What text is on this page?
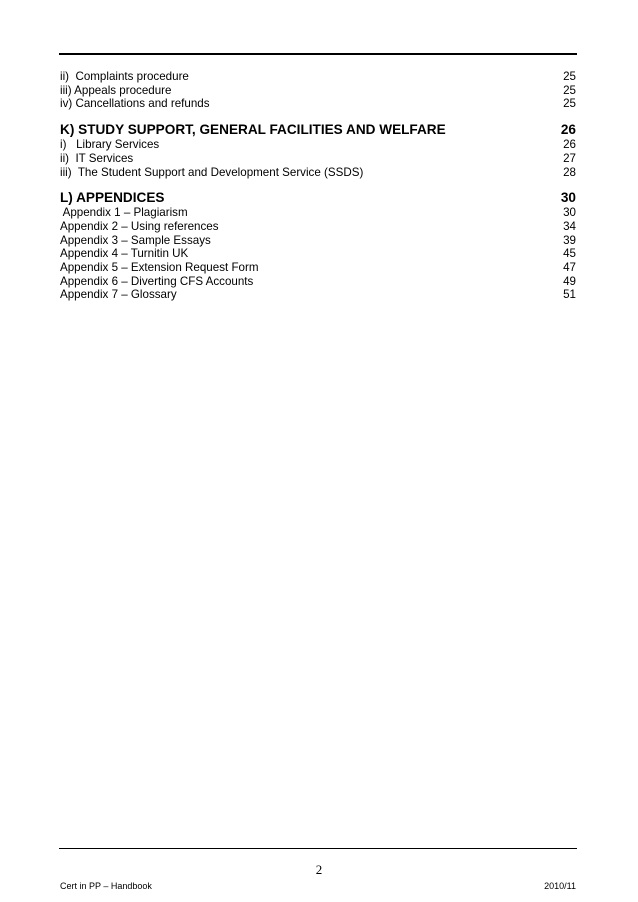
ii)  Complaints procedure	25
iii) Appeals procedure	25
iv) Cancellations and refunds	25
K) STUDY SUPPORT, GENERAL FACILITIES AND WELFARE	26
i)   Library Services	26
ii)  IT Services	27
iii)  The Student Support and Development Service (SSDS)	28
L) APPENDICES	30
Appendix 1 – Plagiarism	30
Appendix 2 – Using references	34
Appendix 3 – Sample Essays	39
Appendix 4 – Turnitin UK	45
Appendix 5 – Extension Request Form	47
Appendix 6 – Diverting CFS Accounts	49
Appendix 7 – Glossary	51
2
Cert in PP – Handbook	2010/11
